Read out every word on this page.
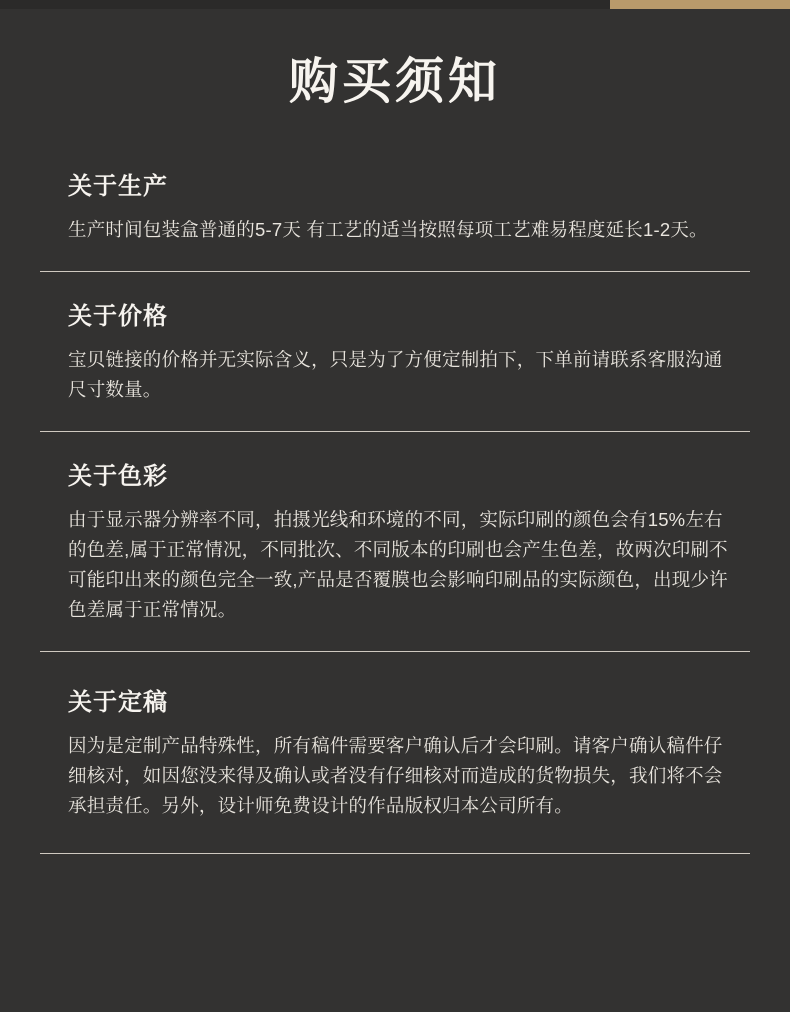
购买须知
关于生产

生产时间包装盒普通的5-7天 有工艺的适当按照每项工艺难易程度延长1-2天。

关于价格

宝贝链接的价格并无实际含义，只是为了方便定制拍下，下单前请联系客服沟通尺寸数量。

关于色彩

由于显示器分辨率不同，拍摄光线和环境的不同，实际印刷的颜色会有15%左右的色差,属于正常情况，不同批次、不同版本的印刷也会产生色差，故两次印刷不可能印出来的颜色完全一致,产品是否覆膜也会影响印刷品的实际颜色，出现少许色差属于正常情况。

关于定稿

因为是定制产品特殊性，所有稿件需要客户确认后才会印刷。请客户确认稿件仔细核对，如因您没来得及确认或者没有仔细核对而造成的货物损失，我们将不会承担责任。另外，设计师免费设计的作品版权归本公司所有。
